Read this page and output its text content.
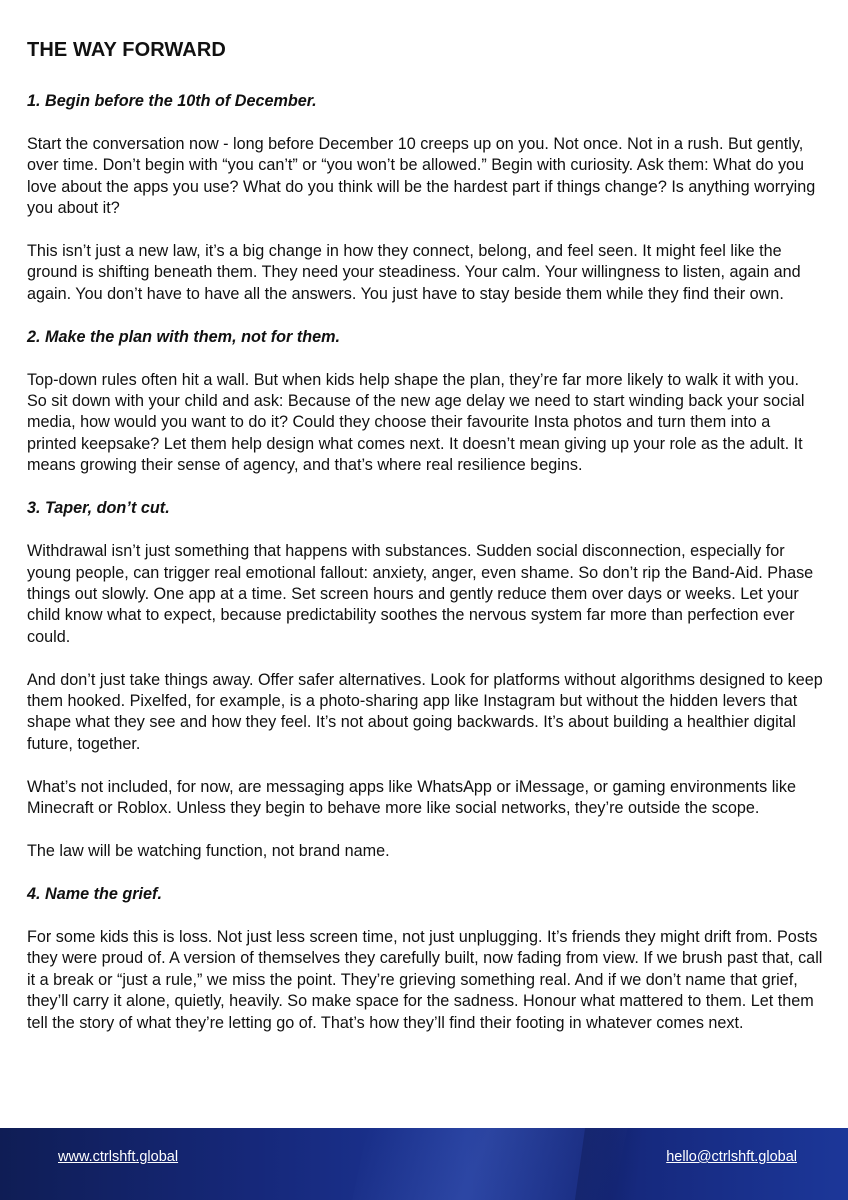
THE WAY FORWARD

1. Begin before the 10th of December.

Start the conversation now - long before December 10 creeps up on you. Not once. Not in a rush. But gently, over time. Don’t begin with “you can’t” or “you won’t be allowed.” Begin with curiosity. Ask them: What do you love about the apps you use? What do you think will be the hardest part if things change? Is anything worrying you about it?

This isn’t just a new law, it’s a big change in how they connect, belong, and feel seen. It might feel like the ground is shifting beneath them. They need your steadiness. Your calm. Your willingness to listen, again and again. You don’t have to have all the answers. You just have to stay beside them while they find their own.

2. Make the plan with them, not for them.

Top-down rules often hit a wall. But when kids help shape the plan, they’re far more likely to walk it with you. So sit down with your child and ask: Because of the new age delay we need to start winding back your social media, how would you want to do it? Could they choose their favourite Insta photos and turn them into a printed keepsake? Let them help design what comes next. It doesn’t mean giving up your role as the adult. It means growing their sense of agency, and that’s where real resilience begins.

3. Taper, don’t cut.

Withdrawal isn’t just something that happens with substances. Sudden social disconnection, especially for young people, can trigger real emotional fallout: anxiety, anger, even shame. So don’t rip the Band-Aid. Phase things out slowly. One app at a time. Set screen hours and gently reduce them over days or weeks. Let your child know what to expect, because predictability soothes the nervous system far more than perfection ever could.

And don’t just take things away. Offer safer alternatives. Look for platforms without algorithms designed to keep them hooked. Pixelfed, for example, is a photo-sharing app like Instagram but without the hidden levers that shape what they see and how they feel. It’s not about going backwards. It’s about building a healthier digital future, together.

What’s not included, for now, are messaging apps like WhatsApp or iMessage, or gaming environments like Minecraft or Roblox. Unless they begin to behave more like social networks, they’re outside the scope.

The law will be watching function, not brand name.

4. Name the grief.

For some kids this is loss. Not just less screen time, not just unplugging. It’s friends they might drift from. Posts they were proud of. A version of themselves they carefully built, now fading from view. If we brush past that, call it a break or “just a rule,” we miss the point. They’re grieving something real. And if we don’t name that grief, they’ll carry it alone, quietly, heavily. So make space for the sadness. Honour what mattered to them. Let them tell the story of what they’re letting go of. That’s how they’ll find their footing in whatever comes next.

www.ctrlshft.global	hello@ctrlshft.global
